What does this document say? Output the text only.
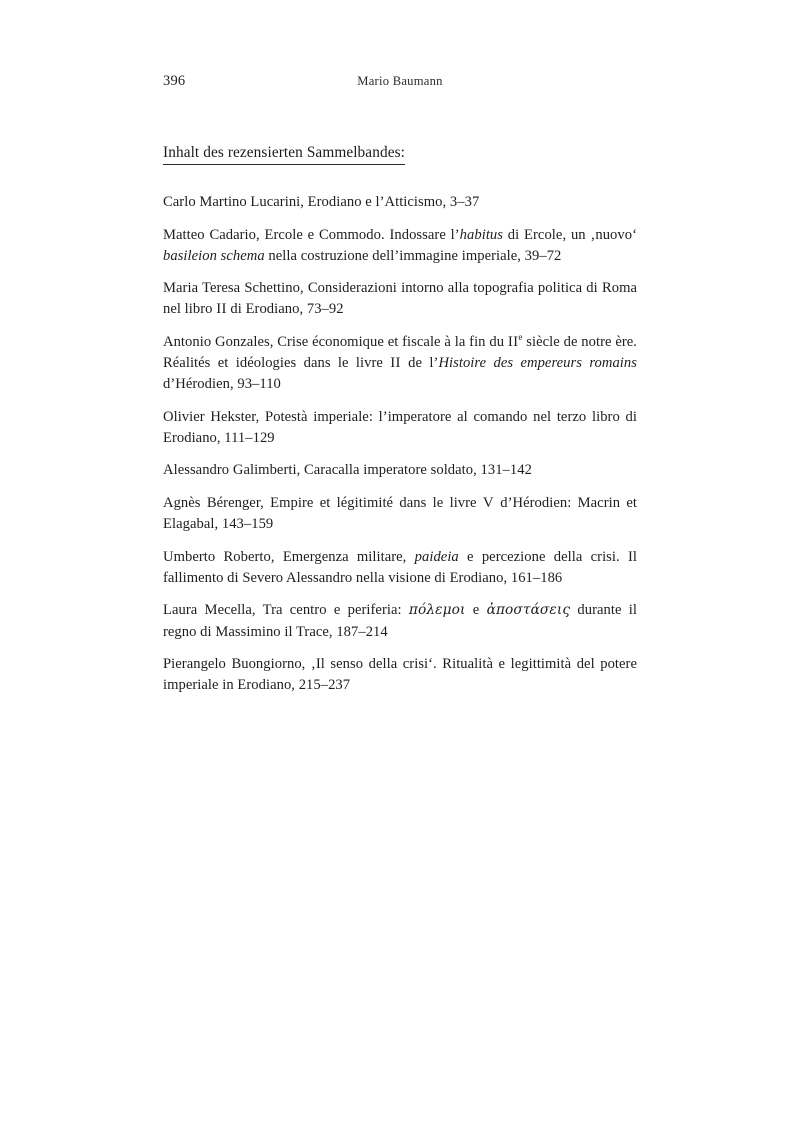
396	Mario Baumann
Inhalt des rezensierten Sammelbandes:

Carlo Martino Lucarini, Erodiano e l’Atticismo, 3–37

Matteo Cadario, Ercole e Commodo. Indossare l’habitus di Ercole, un ‚nuovo‘ basileion schema nella costruzione dell’immagine imperiale, 39–72

Maria Teresa Schettino, Considerazioni intorno alla topografia politica di Roma nel libro II di Erodiano, 73–92

Antonio Gonzales, Crise économique et fiscale à la fin du IIe siècle de notre ère. Réalités et idéologies dans le livre II de l’Histoire des empereurs romains d’Hérodien, 93–110

Olivier Hekster, Potestà imperiale: l’imperatore al comando nel terzo libro di Erodiano, 111–129

Alessandro Galimberti, Caracalla imperatore soldato, 131–142

Agnès Bérenger, Empire et légitimité dans le livre V d’Hérodien: Macrin et Elagabal, 143–159

Umberto Roberto, Emergenza militare, paideia e percezione della crisi. Il fallimento di Severo Alessandro nella visione di Erodiano, 161–186

Laura Mecella, Tra centro e periferia: πόλεμοι e ἀποστάσεις durante il regno di Massimino il Trace, 187–214

Pierangelo Buongiorno, ‚Il senso della crisi‘. Ritualità e legittimità del potere imperiale in Erodiano, 215–237
